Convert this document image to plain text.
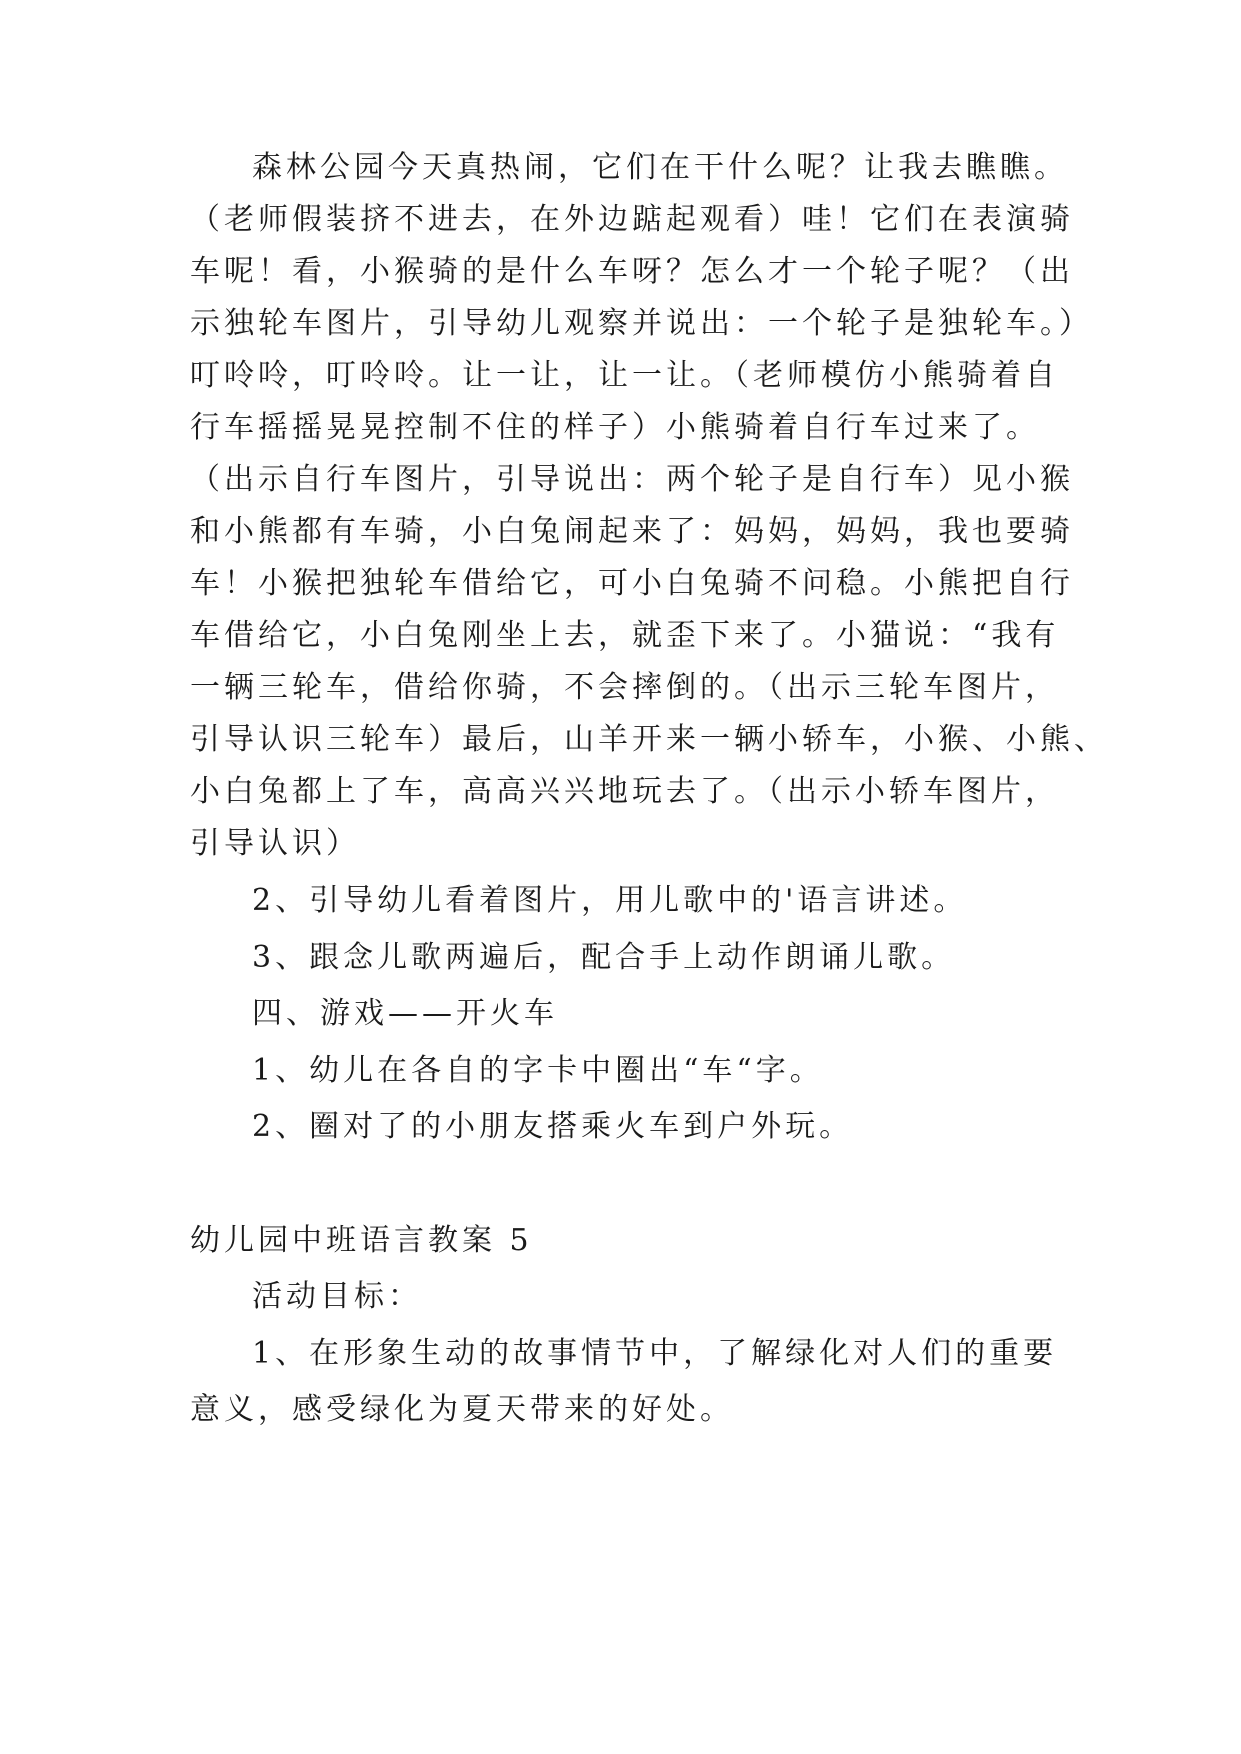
森林公园今天真热闹，它们在干什么呢？让我去瞧瞧。

（老师假装挤不进去，在外边踮起观看）哇！它们在表演骑

车呢！看，小猴骑的是什么车呀？怎么才一个轮子呢？（出

示独轮车图片，引导幼儿观察并说出：一个轮子是独轮车。）

叮呤呤，叮呤呤。让一让，让一让。（老师模仿小熊骑着自

行车摇摇晃晃控制不住的样子）小熊骑着自行车过来了。

（出示自行车图片，引导说出：两个轮子是自行车）见小猴

和小熊都有车骑，小白兔闹起来了：妈妈，妈妈，我也要骑

车！小猴把独轮车借给它，可小白兔骑不问稳。小熊把自行

车借给它，小白兔刚坐上去，就歪下来了。小猫说：“我有

一辆三轮车，借给你骑，不会摔倒的。（出示三轮车图片，

引导认识三轮车）最后，山羊开来一辆小轿车，小猴、小熊、

小白兔都上了车，高高兴兴地玩去了。（出示小轿车图片，

引导认识）

2、引导幼儿看着图片，用儿歌中的'语言讲述。

3、跟念儿歌两遍后，配合手上动作朗诵儿歌。

四、游戏——开火车

1、幼儿在各自的字卡中圈出“车“字。

2、圈对了的小朋友搭乘火车到户外玩。

幼儿园中班语言教案 5

活动目标：

1、在形象生动的故事情节中，了解绿化对人们的重要

意义，感受绿化为夏天带来的好处。
